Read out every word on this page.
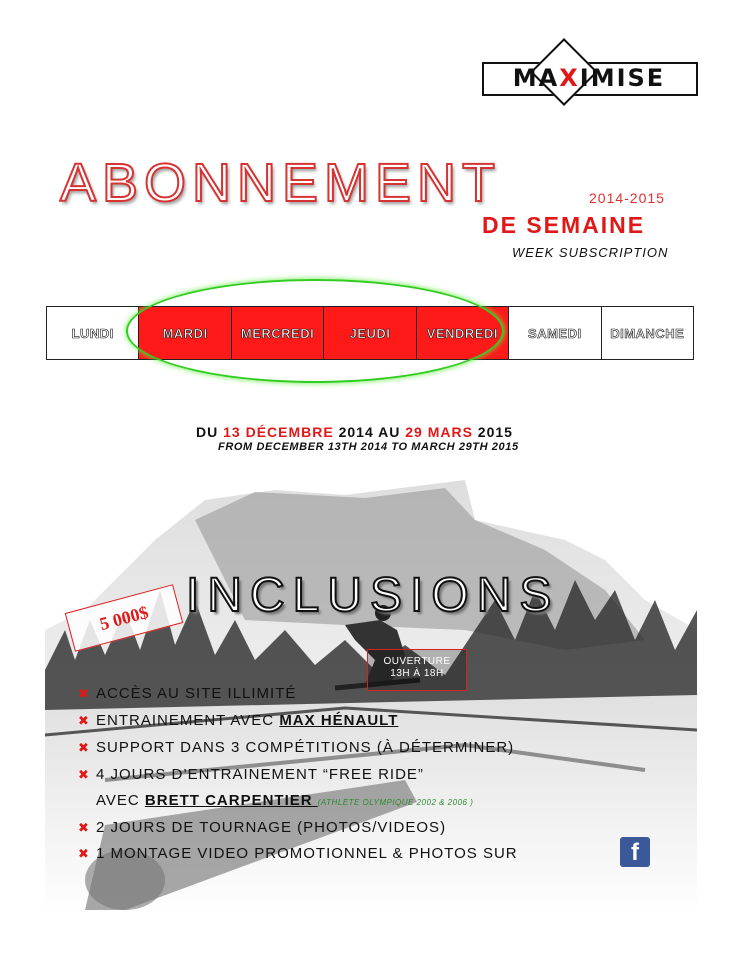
MAXIMISE
ABONNEMENT	2014-2015
DE SEMAINE
WEEK SUBSCRIPTION
LUNDI	MARDI	MERCREDI	JEUDI	VENDREDI	SAMEDI	DIMANCHE
DU 13 DÉCEMBRE 2014 AU 29 MARS 2015
FROM DECEMBER 13TH 2014 TO MARCH 29TH 2015
INCLUSIONS
5 000$
OUVERTURE
13H À 18H
✖ ACCÈS AU SITE ILLIMITÉ
✖ ENTRAINEMENT AVEC MAX HÉNAULT
✖ SUPPORT DANS 3 COMPÉTITIONS (À DÉTERMINER)
✖ 4 JOURS D’ENTRAINEMENT “FREE RIDE”
AVEC BRETT CARPENTIER (ATHLETE OLYMPIQUE 2002 & 2006 )
✖ 2 JOURS DE TOURNAGE (PHOTOS/VIDEOS)
✖ 1 MONTAGE VIDEO PROMOTIONNEL & PHOTOS SUR	f
